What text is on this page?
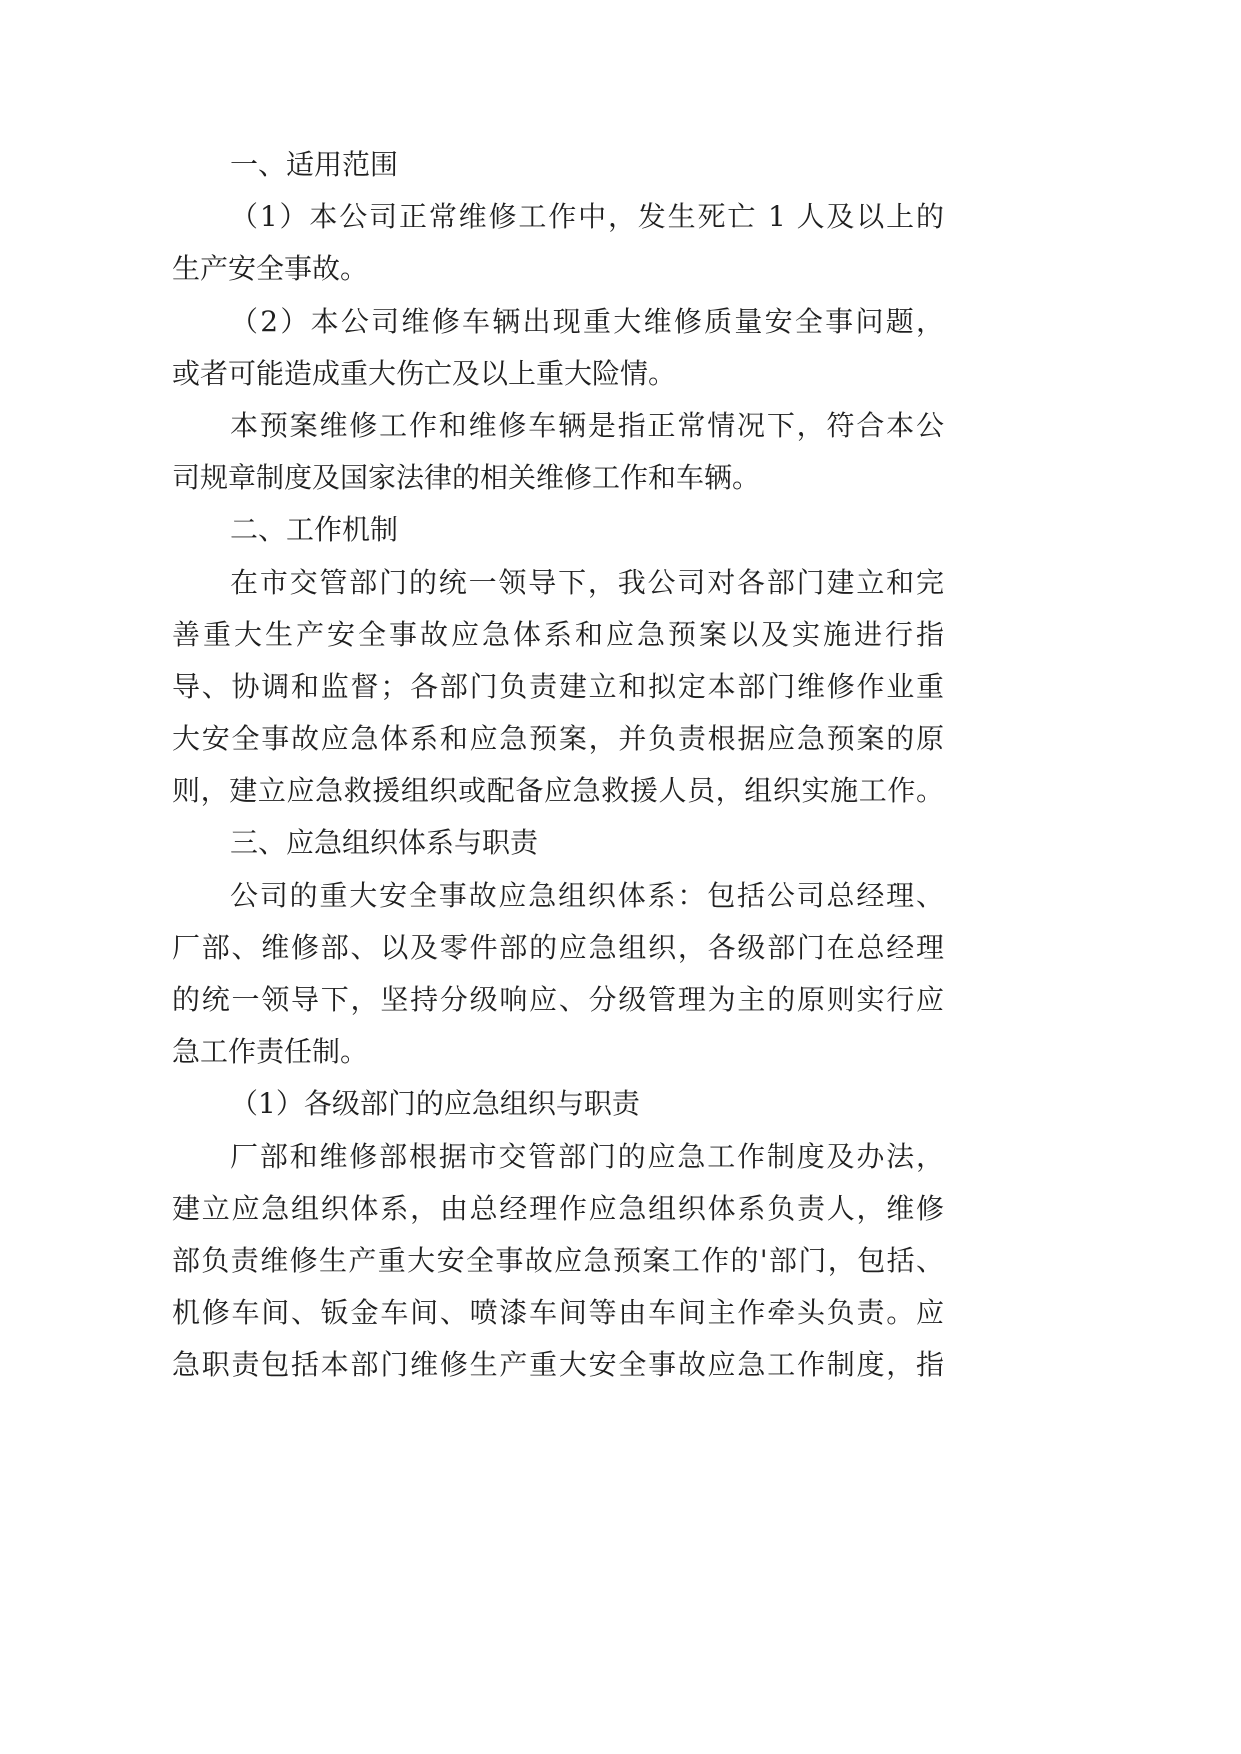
一、适用范围
（1）本公司正常维修工作中，发生死亡 1 人及以上的
生产安全事故。
（2）本公司维修车辆出现重大维修质量安全事问题，
或者可能造成重大伤亡及以上重大险情。
本预案维修工作和维修车辆是指正常情况下，符合本公
司规章制度及国家法律的相关维修工作和车辆。
二、工作机制
在市交管部门的统一领导下，我公司对各部门建立和完
善重大生产安全事故应急体系和应急预案以及实施进行指
导、协调和监督；各部门负责建立和拟定本部门维修作业重
大安全事故应急体系和应急预案，并负责根据应急预案的原
则，建立应急救援组织或配备应急救援人员，组织实施工作。
三、应急组织体系与职责
公司的重大安全事故应急组织体系：包括公司总经理、
厂部、维修部、以及零件部的应急组织，各级部门在总经理
的统一领导下，坚持分级响应、分级管理为主的原则实行应
急工作责任制。
（1）各级部门的应急组织与职责
厂部和维修部根据市交管部门的应急工作制度及办法，
建立应急组织体系，由总经理作应急组织体系负责人，维修
部负责维修生产重大安全事故应急预案工作的'部门，包括、
机修车间、钣金车间、喷漆车间等由车间主作牵头负责。应
急职责包括本部门维修生产重大安全事故应急工作制度，指
